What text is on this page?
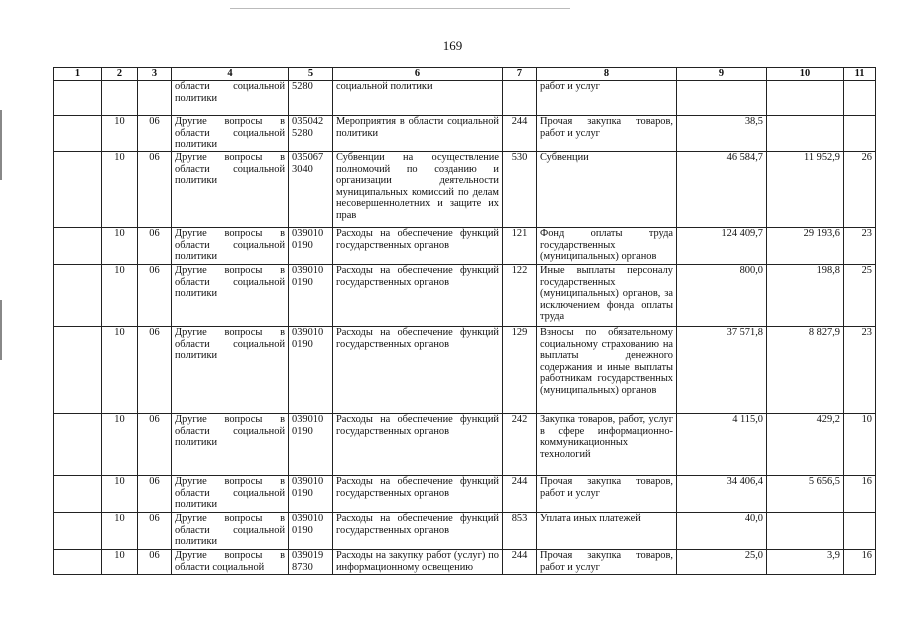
169
1	2	3	4	5	6	7	8	9	10	11
			области социальной политики	5280	социальной политики		работ и услуг			
	10	06	Другие вопросы в области социальной политики	035042 5280	Мероприятия в области социальной политики	244	Прочая закупка товаров, работ и услуг	38,5		
	10	06	Другие вопросы в области социальной политики	035067 3040	Субвенции на осуществление полномочий по созданию и организации деятельности муниципальных комиссий по делам несовершеннолетних и защите их прав	530	Субвенции	46 584,7	11 952,9	26
	10	06	Другие вопросы в области социальной политики	039010 0190	Расходы на обеспечение функций государственных органов	121	Фонд оплаты труда государственных (муниципальных) органов	124 409,7	29 193,6	23
	10	06	Другие вопросы в области социальной политики	039010 0190	Расходы на обеспечение функций государственных органов	122	Иные выплаты персоналу государственных (муниципальных) органов, за исключением фонда оплаты труда	800,0	198,8	25
	10	06	Другие вопросы в области социальной политики	039010 0190	Расходы на обеспечение функций государственных органов	129	Взносы по обязательному социальному страхованию на выплаты денежного содержания и иные выплаты работникам государственных (муниципальных) органов	37 571,8	8 827,9	23
	10	06	Другие вопросы в области социальной политики	039010 0190	Расходы на обеспечение функций государственных органов	242	Закупка товаров, работ, услуг в сфере информационно-коммуникационных технологий	4 115,0	429,2	10
	10	06	Другие вопросы в области социальной политики	039010 0190	Расходы на обеспечение функций государственных органов	244	Прочая закупка товаров, работ и услуг	34 406,4	5 656,5	16
	10	06	Другие вопросы в области социальной политики	039010 0190	Расходы на обеспечение функций государственных органов	853	Уплата иных платежей	40,0		
	10	06	Другие вопросы в области социальной	039019 8730	Расходы на закупку работ (услуг) по информационному освещению	244	Прочая закупка товаров, работ и услуг	25,0	3,9	16
